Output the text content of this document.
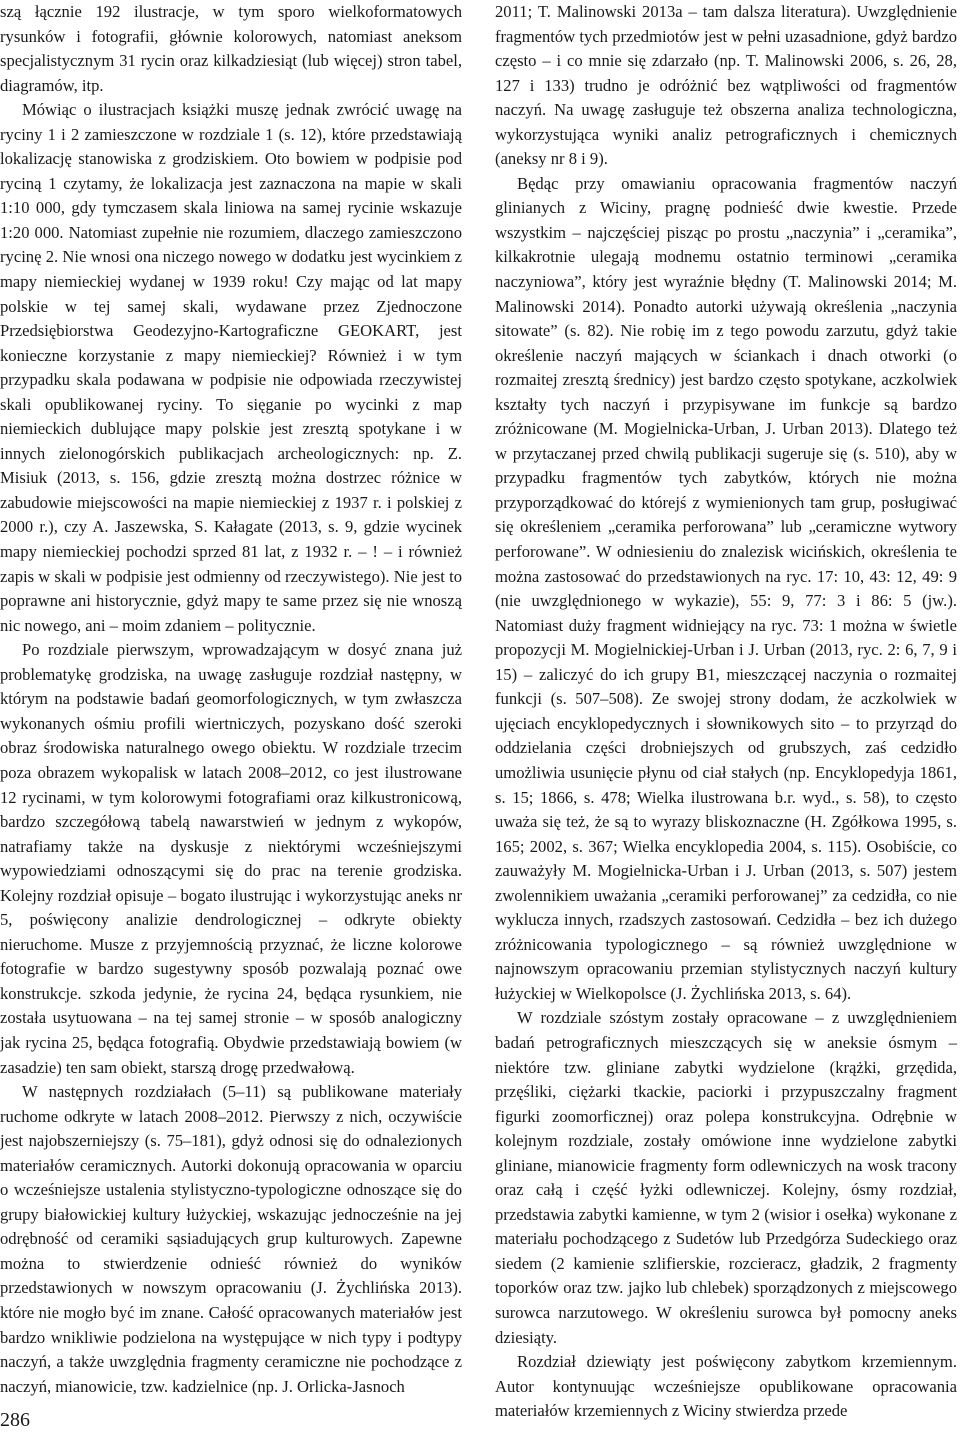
szą łącznie 192 ilustracje, w tym sporo wielkoformatowych rysunków i fotografii, głównie kolorowych, natomiast aneksom specjalistycznym 31 rycin oraz kilkadziesiąt (lub więcej) stron tabel, diagramów, itp.

Mówiąc o ilustracjach książki muszę jednak zwrócić uwagę na ryciny 1 i 2 zamieszczone w rozdziale 1 (s. 12), które przedstawiają lokalizację stanowiska z grodziskiem. Oto bowiem w podpisie pod ryciną 1 czytamy, że lokalizacja jest zaznaczona na mapie w skali 1:10 000, gdy tymczasem skala liniowa na samej rycinie wskazuje 1:20 000. Natomiast zupełnie nie rozumiem, dlaczego zamieszczono rycinę 2. Nie wnosi ona niczego nowego w dodatku jest wycinkiem z mapy niemieckiej wydanej w 1939 roku! Czy mając od lat mapy polskie w tej samej skali, wydawane przez Zjednoczone Przedsiębiorstwa Geodezyjno-Kartograficzne GEOKART, jest konieczne korzystanie z mapy niemieckiej? Również i w tym przypadku skala podawana w podpisie nie odpowiada rzeczywistej skali opublikowanej ryciny. To sięganie po wycinki z map niemieckich dublujące mapy polskie jest zresztą spotykane i w innych zielonogórskich publikacjach archeologicznych: np. Z. Misiuk (2013, s. 156, gdzie zresztą można dostrzec różnice w zabudowie miejscowości na mapie niemieckiej z 1937 r. i polskiej z 2000 r.), czy A. Jaszewska, S. Kałagate (2013, s. 9, gdzie wycinek mapy niemieckiej pochodzi sprzed 81 lat, z 1932 r. – ! – i również zapis w skali w podpisie jest odmienny od rzeczywistego). Nie jest to poprawne ani historycznie, gdyż mapy te same przez się nie wnoszą nic nowego, ani – moim zdaniem – politycznie.

Po rozdziale pierwszym, wprowadzającym w dosyć znana już problematykę grodziska, na uwagę zasługuje rozdział następny, w którym na podstawie badań geomorfologicznych, w tym zwłaszcza wykonanych ośmiu profili wiertniczych, pozyskano dość szeroki obraz środowiska naturalnego owego obiektu. W rozdziale trzecim poza obrazem wykopalisk w latach 2008–2012, co jest ilustrowane 12 rycinami, w tym kolorowymi fotografiami oraz kilkustronicową, bardzo szczegółową tabelą nawarstwień w jednym z wykopów, natrafiamy także na dyskusje z niektórymi wcześniejszymi wypowiedziami odnoszącymi się do prac na terenie grodziska. Kolejny rozdział opisuje – bogato ilustrując i wykorzystując aneks nr 5, poświęcony analizie dendrologicznej – odkryte obiekty nieruchome. Musze z przyjemnością przyznać, że liczne kolorowe fotografie w bardzo sugestywny sposób pozwalają poznać owe konstrukcje. szkoda jedynie, że rycina 24, będąca rysunkiem, nie została usytuowana – na tej samej stronie – w sposób analogiczny jak rycina 25, będąca fotografią. Obydwie przedstawiają bowiem (w zasadzie) ten sam obiekt, starszą drogę przedwałową.

W następnych rozdziałach (5–11) są publikowane materiały ruchome odkryte w latach 2008–2012. Pierwszy z nich, oczywiście jest najobszerniejszy (s. 75–181), gdyż odnosi się do odnalezionych materiałów ceramicznych. Autorki dokonują opracowania w oparciu o wcześniejsze ustalenia stylistyczno-typologiczne odnoszące się do grupy białowickiej kultury łużyckiej, wskazując jednocześnie na jej odrębność od ceramiki sąsiadujących grup kulturowych. Zapewne można to stwierdzenie odnieść również do wyników przedstawionych w nowszym opracowaniu (J. Żychlińska 2013). które nie mogło być im znane. Całość opracowanych materiałów jest bardzo wnikliwie podzielona na występujące w nich typy i podtypy naczyń, a także uwzględnia fragmenty ceramiczne nie pochodzące z naczyń, mianowicie, tzw. kadzielnice (np. J. Orlicka-Jasnoch

2011; T. Malinowski 2013a – tam dalsza literatura). Uwzględnienie fragmentów tych przedmiotów jest w pełni uzasadnione, gdyż bardzo często – i co mnie się zdarzało (np. T. Malinowski 2006, s. 26, 28, 127 i 133) trudno je odróżnić bez wątpliwości od fragmentów naczyń. Na uwagę zasługuje też obszerna analiza technologiczna, wykorzystująca wyniki analiz petrograficznych i chemicznych (aneksy nr 8 i 9).

Będąc przy omawianiu opracowania fragmentów naczyń glinianych z Wiciny, pragnę podnieść dwie kwestie. Przede wszystkim – najczęściej pisząc po prostu „naczynia” i „ceramika”, kilkakrotnie ulegają modnemu ostatnio terminowi „ceramika naczyniowa”, który jest wyraźnie błędny (T. Malinowski 2014; M. Malinowski 2014). Ponadto autorki używają określenia „naczynia sitowate” (s. 82). Nie robię im z tego powodu zarzutu, gdyż takie określenie naczyń mających w ściankach i dnach otworki (o rozmaitej zresztą średnicy) jest bardzo często spotykane, aczkolwiek kształty tych naczyń i przypisywane im funkcje są bardzo zróżnicowane (M. Mogielnicka-Urban, J. Urban 2013). Dlatego też w przytaczanej przed chwilą publikacji sugeruje się (s. 510), aby w przypadku fragmentów tych zabytków, których nie można przyporządkować do którejś z wymienionych tam grup, posługiwać się określeniem „ceramika perforowana” lub „ceramiczne wytwory perforowane”. W odniesieniu do znalezisk wicińskich, określenia te można zastosować do przedstawionych na ryc. 17: 10, 43: 12, 49: 9 (nie uwzględnionego w wykazie), 55: 9, 77: 3 i 86: 5 (jw.). Natomiast duży fragment widniejący na ryc. 73: 1 można w świetle propozycji M. Mogielnickiej-Urban i J. Urban (2013, ryc. 2: 6, 7, 9 i 15) – zaliczyć do ich grupy B1, mieszczącej naczynia o rozmaitej funkcji (s. 507–508). Ze swojej strony dodam, że aczkolwiek w ujęciach encyklopedycznych i słownikowych sito – to przyrząd do oddzielania części drobniejszych od grubszych, zaś cedzidło umożliwia usunięcie płynu od ciał stałych (np. Encyklopedyja 1861, s. 15; 1866, s. 478; Wielka ilustrowana b.r. wyd., s. 58), to często uważa się też, że są to wyrazy bliskoznaczne (H. Zgółkowa 1995, s. 165; 2002, s. 367; Wielka encyklopedia 2004, s. 115). Osobiście, co zauważyły M. Mogielnicka-Urban i J. Urban (2013, s. 507) jestem zwolennikiem uważania „ceramiki perforowanej” za cedzidła, co nie wyklucza innych, rzadszych zastosowań. Cedzidła – bez ich dużego zróżnicowania typologicznego – są również uwzględnione w najnowszym opracowaniu przemian stylistycznych naczyń kultury łużyckiej w Wielkopolsce (J. Żychlińska 2013, s. 64).

W rozdziale szóstym zostały opracowane – z uwzględnieniem badań petrograficznych mieszczących się w aneksie ósmym – niektóre tzw. gliniane zabytki wydzielone (krążki, grzędida, przęśliki, ciężarki tkackie, paciorki i przypuszczalny fragment figurki zoomorficznej) oraz polepa konstrukcyjna. Odrębnie w kolejnym rozdziale, zostały omówione inne wydzielone zabytki gliniane, mianowicie fragmenty form odlewniczych na wosk tracony oraz całą i część łyżki odlewniczej. Kolejny, ósmy rozdział, przedstawia zabytki kamienne, w tym 2 (wisior i osełka) wykonane z materiału pochodzącego z Sudetów lub Przedgórza Sudeckiego oraz siedem (2 kamienie szlifierskie, rozcieracz, gładzik, 2 fragmenty toporków oraz tzw. jajko lub chlebek) sporządzonych z miejscowego surowca narzutowego. W określeniu surowca był pomocny aneks dziesiąty.

Rozdział dziewiąty jest poświęcony zabytkom krzemiennym. Autor kontynuując wcześniejsze opublikowane opracowania materiałów krzemiennych z Wiciny stwierdza przede

286
